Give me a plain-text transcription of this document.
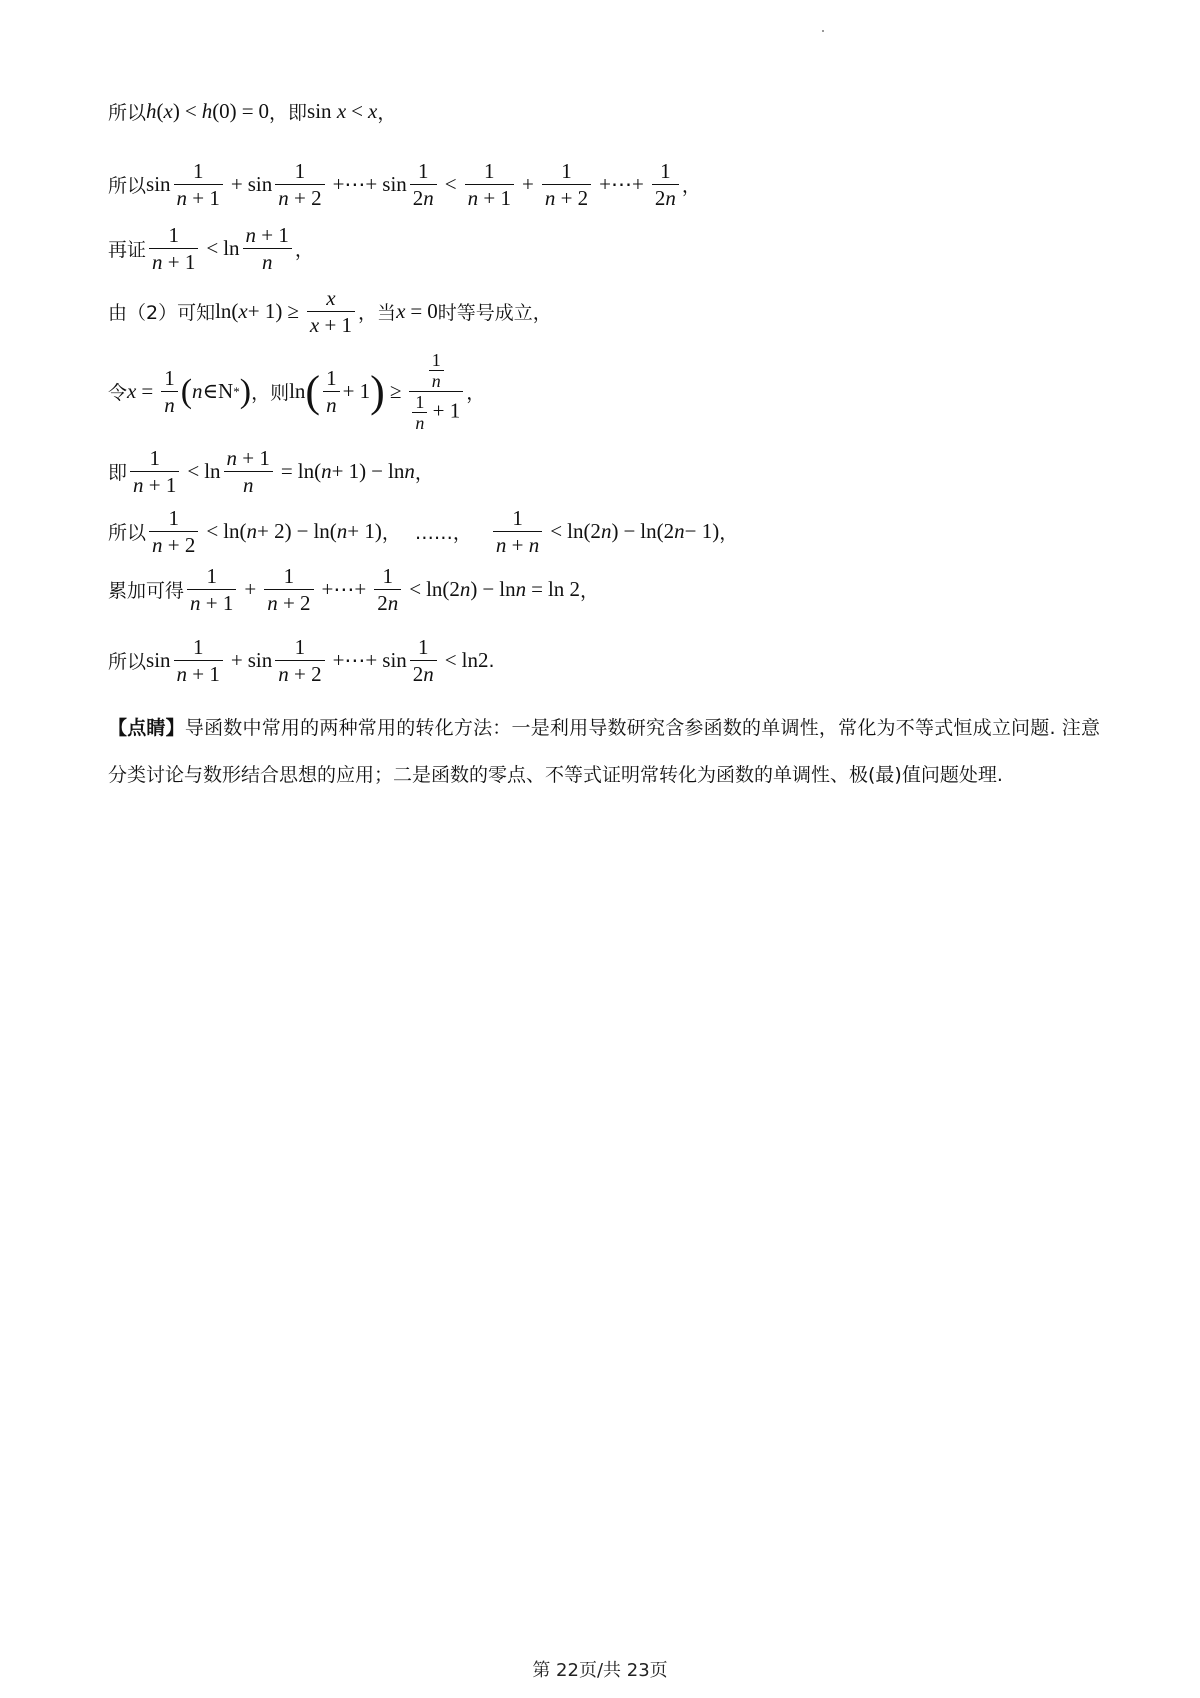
所以 h(x) < h(0) = 0 ，即 sin x < x ，
所以 $\sin \frac{1}{n + 1} + \sin \frac{1}{n + 2}$ +⋯+ $\sin \frac{1}{2n} < \frac{1}{n + 1} + \frac{1}{n + 2}$ +⋯+ $\frac{1}{2n}$ ，
再证 $\frac{1}{n + 1} < \ln \frac{n + 1}{n}$ ，
由（2）可知 ln( $x + 1) \ge \frac{x}{x + 1}$ ，当 x = 0 时等号成立，
令 $x = \frac{1}{n}$ ( n ∈N * ) ，则 ln ( $\frac{1}{n} + 1$ ) ≥ $\frac{\frac{1}{n}}{\frac{1}{n} + 1}$ ，
即 $\frac{1}{n + 1} < \ln \frac{n + 1}{n} = \ln$( n + 1) − ln n ，
所以 $\frac{1}{n + 2} < \ln$( n + 2) − ln( n + 1) ， ……， $\frac{1}{n + n} < \ln(2$ n ) − ln(2 n − 1) ，
累加可得 $\frac{1}{n + 1} + \frac{1}{n + 2}$ +⋯+ $\frac{1}{2n} < \ln(2$ n ) − ln n = ln 2 ，
所以 $\sin \frac{1}{n + 1} + \sin \frac{1}{n + 2}$ +⋯+ $\sin \frac{1}{2n} < \ln 2$ .
【点睛】导函数中常用的两种常用的转化方法：一是利用导数研究含参函数的单调性，常化为不等式恒成立问题. 注意分类讨论与数形结合思想的应用；二是函数的零点、不等式证明常转化为函数的单调性、极(最)值问题处理.
第 22页/共 23页
